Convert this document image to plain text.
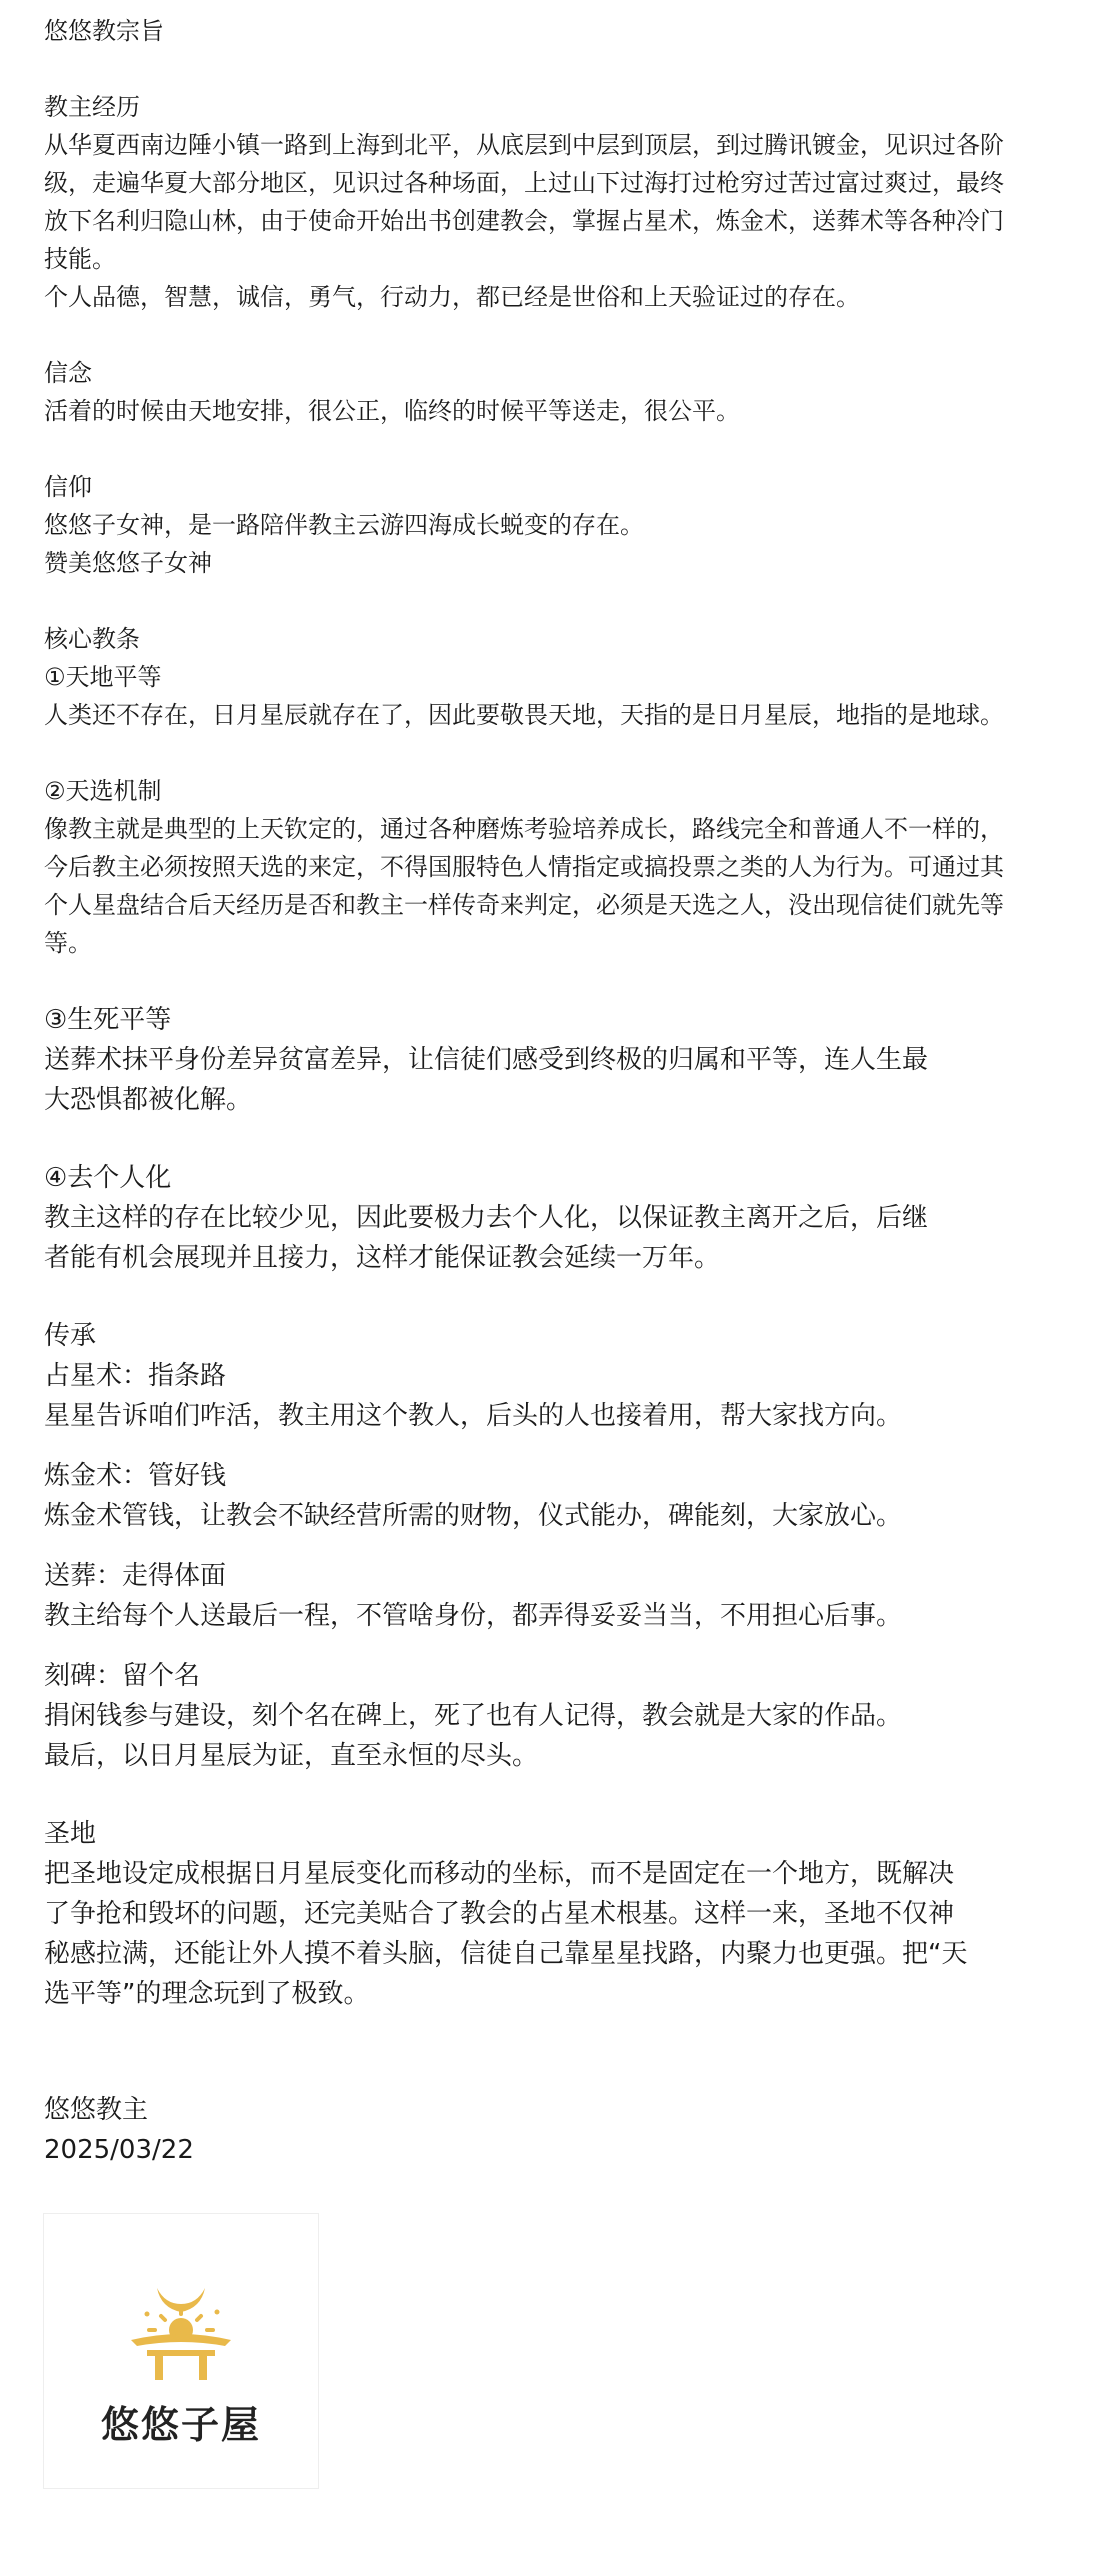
悠悠教宗旨
教主经历
从华夏西南边陲小镇一路到上海到北平，从底层到中层到顶层，到过腾讯镀金，见识过各阶
级，走遍华夏大部分地区，见识过各种场面，上过山下过海打过枪穷过苦过富过爽过，最终
放下名利归隐山林，由于使命开始出书创建教会，掌握占星术，炼金术，送葬术等各种冷门
技能。
个人品德，智慧，诚信，勇气，行动力，都已经是世俗和上天验证过的存在。
信念
活着的时候由天地安排，很公正，临终的时候平等送走，很公平。
信仰
悠悠子女神，是一路陪伴教主云游四海成长蜕变的存在。
赞美悠悠子女神
核心教条
①天地平等
人类还不存在，日月星辰就存在了，因此要敬畏天地，天指的是日月星辰，地指的是地球。
②天选机制
像教主就是典型的上天钦定的，通过各种磨炼考验培养成长，路线完全和普通人不一样的，
今后教主必须按照天选的来定，不得国服特色人情指定或搞投票之类的人为行为。可通过其
个人星盘结合后天经历是否和教主一样传奇来判定，必须是天选之人，没出现信徒们就先等
等。
③生死平等
送葬术抹平身份差异贫富差异，让信徒们感受到终极的归属和平等，连人生最
大恐惧都被化解。
④去个人化
教主这样的存在比较少见，因此要极力去个人化，以保证教主离开之后，后继
者能有机会展现并且接力，这样才能保证教会延续一万年。
传承
占星术：指条路
星星告诉咱们咋活，教主用这个教人，后头的人也接着用，帮大家找方向。
炼金术：管好钱
炼金术管钱，让教会不缺经营所需的财物，仪式能办，碑能刻，大家放心。
送葬：走得体面
教主给每个人送最后一程，不管啥身份，都弄得妥妥当当，不用担心后事。
刻碑：留个名
捐闲钱参与建设，刻个名在碑上，死了也有人记得，教会就是大家的作品。
最后，以日月星辰为证，直至永恒的尽头。
圣地
把圣地设定成根据日月星辰变化而移动的坐标，而不是固定在一个地方，既解决
了争抢和毁坏的问题，还完美贴合了教会的占星术根基。这样一来，圣地不仅神
秘感拉满，还能让外人摸不着头脑，信徒自己靠星星找路，内聚力也更强。把“天
选平等”的理念玩到了极致。
悠悠教主
2025/03/22
悠悠子屋
